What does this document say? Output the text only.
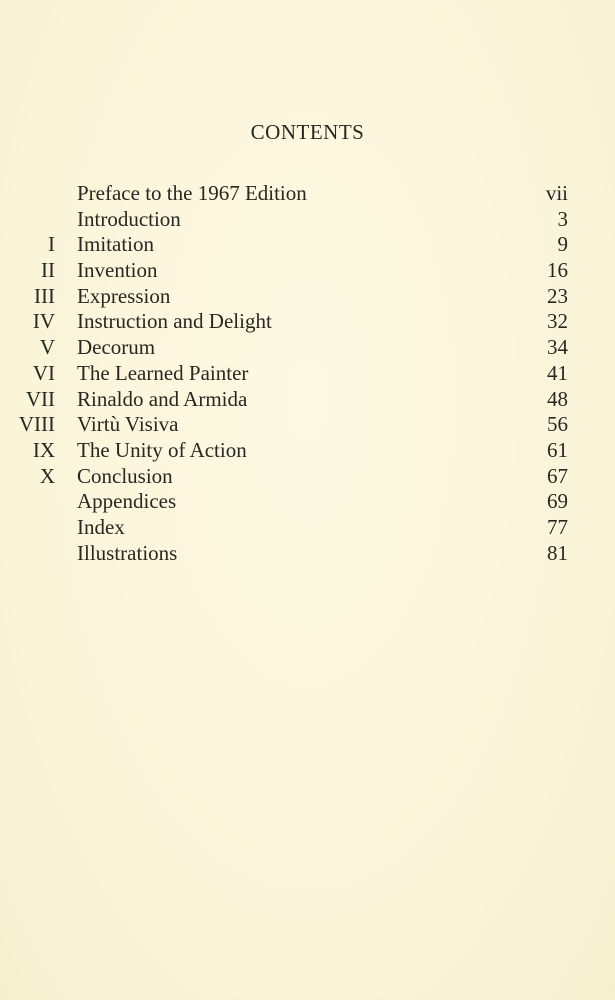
CONTENTS
Preface to the 1967 Edition	vii
Introduction	3
I Imitation	9
II Invention	16
III Expression	23
IV Instruction and Delight	32
V Decorum	34
VI The Learned Painter	41
VII Rinaldo and Armida	48
VIII Virtù Visiva	56
IX The Unity of Action	61
X Conclusion	67
Appendices	69
Index	77
Illustrations	81
